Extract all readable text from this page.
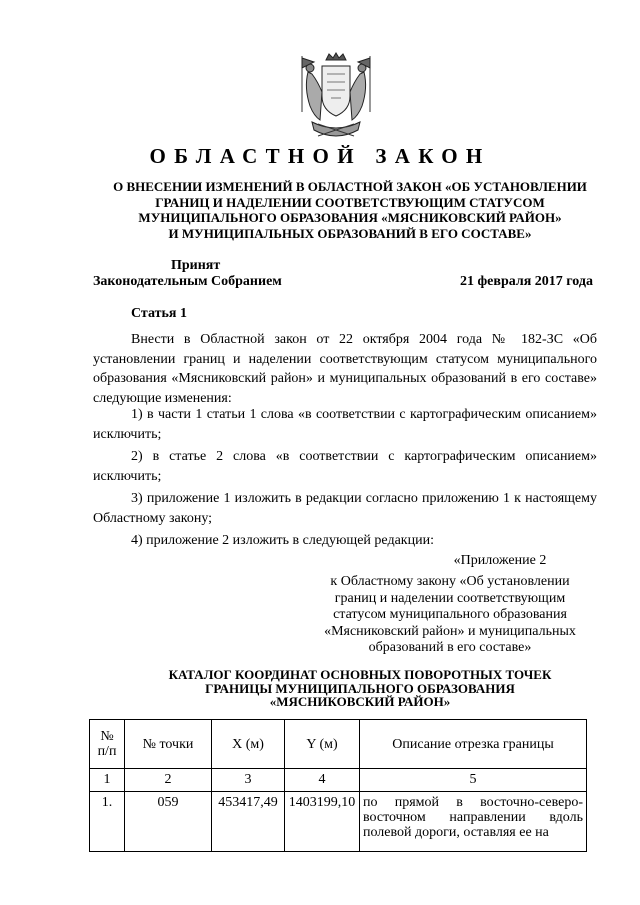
ОБЛАСТНОЙ ЗАКОН
О ВНЕСЕНИИ ИЗМЕНЕНИЙ В ОБЛАСТНОЙ ЗАКОН «ОБ УСТАНОВЛЕНИИ
ГРАНИЦ И НАДЕЛЕНИИ СООТВЕТСТВУЮЩИМ СТАТУСОМ
МУНИЦИПАЛЬНОГО ОБРАЗОВАНИЯ «МЯСНИКОВСКИЙ РАЙОН»
И МУНИЦИПАЛЬНЫХ ОБРАЗОВАНИЙ В ЕГО СОСТАВЕ»
Принят
Законодательным Собранием	21 февраля 2017 года
Статья 1

Внести в Областной закон от 22 октября 2004 года № 182-ЗС «Об установлении границ и наделении соответствующим статусом муниципального образования «Мясниковский район» и муниципальных образований в его составе» следующие изменения:

1) в части 1 статьи 1 слова «в соответствии с картографическим описанием» исключить;

2) в статье 2 слова «в соответствии с картографическим описанием» исключить;

3) приложение 1 изложить в редакции согласно приложению 1 к настоящему Областному закону;

4) приложение 2 изложить в следующей редакции:

«Приложение 2
к Областному закону «Об установлении
границ и наделении соответствующим
статусом муниципального образования
«Мясниковский район» и муниципальных
образований в его составе»
КАТАЛОГ КООРДИНАТ ОСНОВНЫХ ПОВОРОТНЫХ ТОЧЕК
ГРАНИЦЫ МУНИЦИПАЛЬНОГО ОБРАЗОВАНИЯ
«МЯСНИКОВСКИЙ РАЙОН»
№ п/п	№ точки	X (м)	Y (м)	Описание отрезка границы
1	2	3	4	5
1.	059	453417,49	1403199,10	по прямой в восточно-северо-восточном направлении вдоль полевой дороги, оставляя ее на
